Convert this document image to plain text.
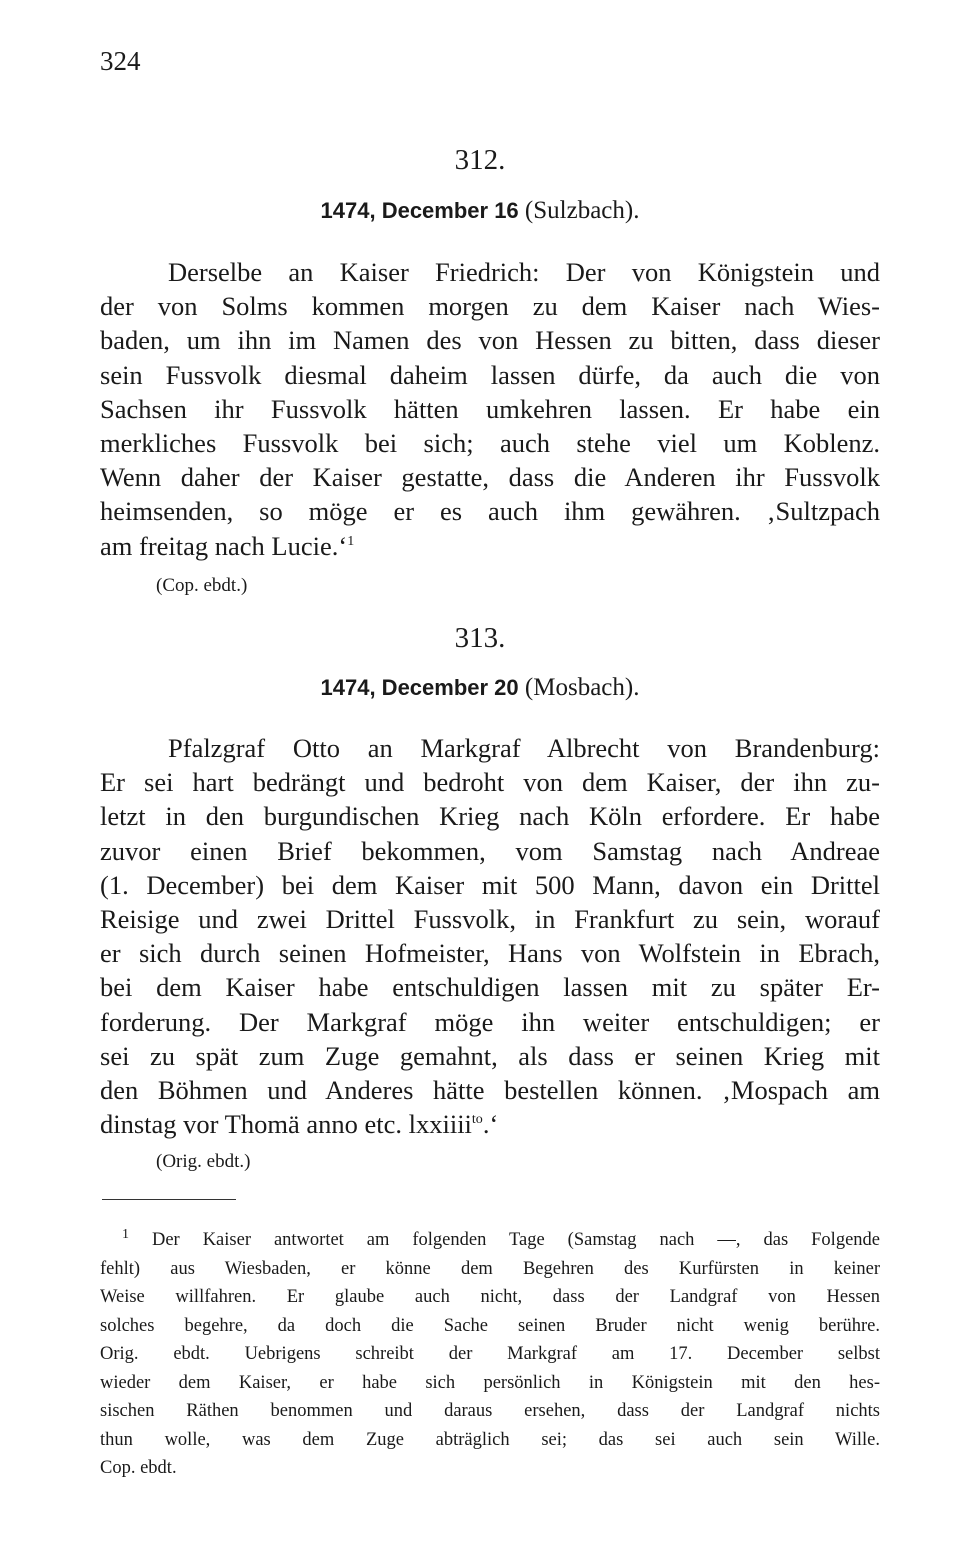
324
312.
1474, December 16 (Sulzbach).
Derselbe an Kaiser Friedrich: Der von Königstein und
der von Solms kommen morgen zu dem Kaiser nach Wies-
baden, um ihn im Namen des von Hessen zu bitten, dass dieser
sein Fussvolk diesmal daheim lassen dürfe, da auch die von
Sachsen ihr Fussvolk hätten umkehren lassen. Er habe ein
merkliches Fussvolk bei sich; auch stehe viel um Koblenz.
Wenn daher der Kaiser gestatte, dass die Anderen ihr Fussvolk
heimsenden, so möge er es auch ihm gewähren. ‚Sultzpach
am freitag nach Lucie.‘$^1$
(Cop. ebdt.)
313.
1474, December 20 (Mosbach).
Pfalzgraf Otto an Markgraf Albrecht von Brandenburg:
Er sei hart bedrängt und bedroht von dem Kaiser, der ihn zu-
letzt in den burgundischen Krieg nach Köln erfordere. Er habe
zuvor einen Brief bekommen, vom Samstag nach Andreae
(1. December) bei dem Kaiser mit 500 Mann, davon ein Drittel
Reisige und zwei Drittel Fussvolk, in Frankfurt zu sein, worauf
er sich durch seinen Hofmeister, Hans von Wolfstein in Ebrach,
bei dem Kaiser habe entschuldigen lassen mit zu später Er-
forderung. Der Markgraf möge ihn weiter entschuldigen; er
sei zu spät zum Zuge gemahnt, als dass er seinen Krieg mit
den Böhmen und Anderes hätte bestellen können. ‚Mospach am
dinstag vor Thomä anno etc. lxxiiii$^{to}$.‘
(Orig. ebdt.)
$^1$ Der Kaiser antwortet am folgenden Tage (Samstag nach —, das Folgende
fehlt) aus Wiesbaden, er könne dem Begehren des Kurfürsten in keiner
Weise willfahren. Er glaube auch nicht, dass der Landgraf von Hessen
solches begehre, da doch die Sache seinen Bruder nicht wenig berühre.
Orig. ebdt. Uebrigens schreibt der Markgraf am 17. December selbst
wieder dem Kaiser, er habe sich persönlich in Königstein mit den hes-
sischen Räthen benommen und daraus ersehen, dass der Landgraf nichts
thun wolle, was dem Zuge abträglich sei; das sei auch sein Wille.
Cop. ebdt.
